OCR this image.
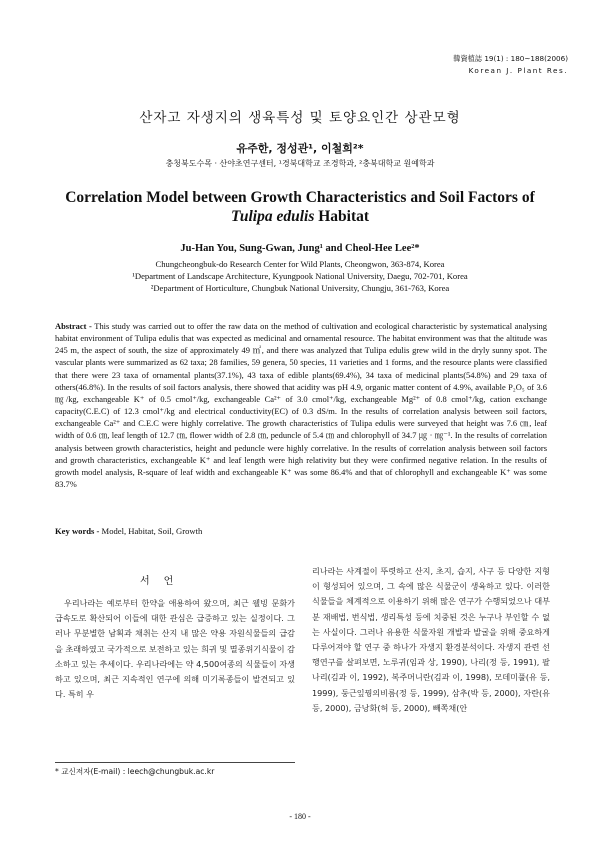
韓資植誌 19(1) : 180~188(2006)
Korean J. Plant Res.
산자고 자생지의 생육특성 및 토양요인간 상관모형
유주한, 정성관¹, 이철희²*
충청북도수목 · 산야초연구센터, ¹경북대학교 조경학과, ²충북대학교 원예학과
Correlation Model between Growth Characteristics and Soil Factors of
Tulipa edulis Habitat
Ju-Han You, Sung-Gwan, Jung¹ and Cheol-Hee Lee²*
Chungcheongbuk-do Research Center for Wild Plants, Cheongwon, 363-874, Korea
¹Department of Landscape Architecture, Kyungpook National University, Daegu, 702-701, Korea
²Department of Horticulture, Chungbuk National University, Chungju, 361-763, Korea
Abstract - This study was carried out to offer the raw data on the method of cultivation and ecological characteristic by systematical analysing habitat environment of Tulipa edulis that was expected as medicinal and ornamental resource. The habitat environment was that the altitude was 245 m, the aspect of south, the size of approximately 49 ㎡, and there was analyzed that Tulipa edulis grew wild in the dryly sunny spot. The vascular plants were summarized as 62 taxa; 28 families, 59 genera, 50 species, 11 varieties and 1 forms, and the resource plants were classified that there were 23 taxa of ornamental plants(37.1%), 43 taxa of edible plants(69.4%), 34 taxa of medicinal plants(54.8%) and 29 taxa of others(46.8%). In the results of soil factors analysis, there showed that acidity was pH 4.9, organic matter content of 4.9%, available P₂O₅ of 3.6 ㎎/kg, exchangeable K⁺ of 0.5 cmol⁺/kg, exchangeable Ca²⁺ of 3.0 cmol⁺/kg, exchangeable Mg²⁺ of 0.8 cmol⁺/kg, cation exchange capacity(C.E.C) of 12.3 cmol⁺/kg and electrical conductivity(EC) of 0.3 dS/m. In the results of correlation analysis between soil factors, exchangeable Ca²⁺ and C.E.C were highly correlative. The growth characteristics of Tulipa edulis were surveyed that height was 7.6 ㎝, leaf width of 0.6 ㎝, leaf length of 12.7 ㎝, flower width of 2.8 ㎝, peduncle of 5.4 ㎝ and chlorophyll of 34.7 ㎍ · ㎎⁻¹. In the results of correlation analysis between growth characteristics, height and peduncle were highly correlative. In the results of correlation analysis between soil factors and growth characteristics, exchangeable K⁺ and leaf length were high relativity but they were confirmed negative relation. In the results of growth model analysis, R-square of leaf width and exchangeable K⁺ was some 86.4% and that of chlorophyll and exchangeable K⁺ was some 83.7%
Key words - Model, Habitat, Soil, Growth
서언
우리나라는 예로부터 한약을 애용하여 왔으며, 최근 웰빙 문화가 급속도로 확산되어 이들에 대한 관심은 급증하고 있는 실정이다. 그러나 무분별한 남획과 채취는 산지 내 많은 약용 자원식물들의 급감을 초래하였고 국가적으로 보전하고 있는 희귀 및 멸종위기식물이 감소하고 있는 추세이다. 우리나라에는 약 4,500여종의 식물들이 자생하고 있으며, 최근 지속적인 연구에 의해 미기록종들이 발견되고 있다. 특히 우
리나라는 사계절이 뚜렷하고 산지, 초지, 습지, 사구 등 다양한 지형이 형성되어 있으며, 그 속에 많은 식물군이 생육하고 있다. 이러한 식물들을 체계적으로 이용하기 위해 많은 연구가 수행되었으나 대부분 재배법, 번식법, 생리특성 등에 치중된 것은 누구나 부인할 수 없는 사실이다. 그러나 유용한 식물자원 개발과 발굴을 위해 중요하게 다루어져야 할 연구 중 하나가 자생지 환경분석이다. 자생지 관련 선행연구를 살펴보면, 노루귀(임과 상, 1990), 나리(정 등, 1991), 팔나리(김과 이, 1992), 복주머니란(김과 이, 1998), 모데미풀(유 등, 1999), 둥근잎꿩의비름(정 등, 1999), 삼추(박 등, 2000), 자란(유 등, 2000), 금낭화(허 등, 2000), 빼쪽채(안
* 교신저자(E-mail) : leech@chungbuk.ac.kr
- 180 -
